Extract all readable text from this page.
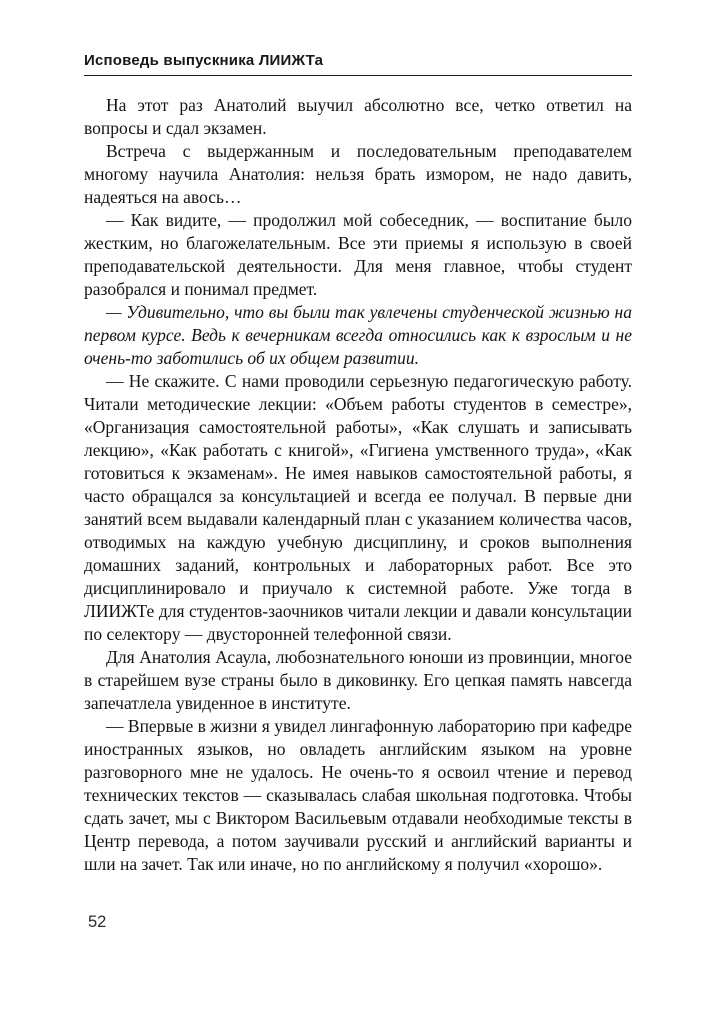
Исповедь выпускника ЛИИЖТа

На этот раз Анатолий выучил абсолютно все, четко ответил на вопросы и сдал экзамен.

Встреча с выдержанным и последовательным преподавателем многому научила Анатолия: нельзя брать измором, не надо давить, надеяться на авось…

— Как видите, — продолжил мой собеседник, — воспитание было жестким, но благожелательным. Все эти приемы я использую в своей преподавательской деятельности. Для меня главное, чтобы студент разобрался и понимал предмет.

— Удивительно, что вы были так увлечены студенческой жизнью на первом курсе. Ведь к вечерникам всегда относились как к взрослым и не очень-то заботились об их общем развитии.

— Не скажите. С нами проводили серьезную педагогическую работу. Читали методические лекции: «Объем работы студентов в семестре», «Организация самостоятельной работы», «Как слушать и записывать лекцию», «Как работать с книгой», «Гигиена умственного труда», «Как готовиться к экзаменам». Не имея навыков самостоятельной работы, я часто обращался за консультацией и всегда ее получал. В первые дни занятий всем выдавали календарный план с указанием количества часов, отводимых на каждую учебную дисциплину, и сроков выполнения домашних заданий, контрольных и лабораторных работ. Все это дисциплинировало и приучало к системной работе. Уже тогда в ЛИИЖТе для студентов-заочников читали лекции и давали консультации по селектору — двусторонней телефонной связи.

Для Анатолия Асаула, любознательного юноши из провинции, многое в старейшем вузе страны было в диковинку. Его цепкая память навсегда запечатлела увиденное в институте.

— Впервые в жизни я увидел лингафонную лабораторию при кафедре иностранных языков, но овладеть английским языком на уровне разговорного мне не удалось. Не очень-то я освоил чтение и перевод технических текстов — сказывалась слабая школьная подготовка. Чтобы сдать зачет, мы с Виктором Васильевым отдавали необходимые тексты в Центр перевода, а потом заучивали русский и английский варианты и шли на зачет. Так или иначе, но по английскому я получил «хорошо».

52
